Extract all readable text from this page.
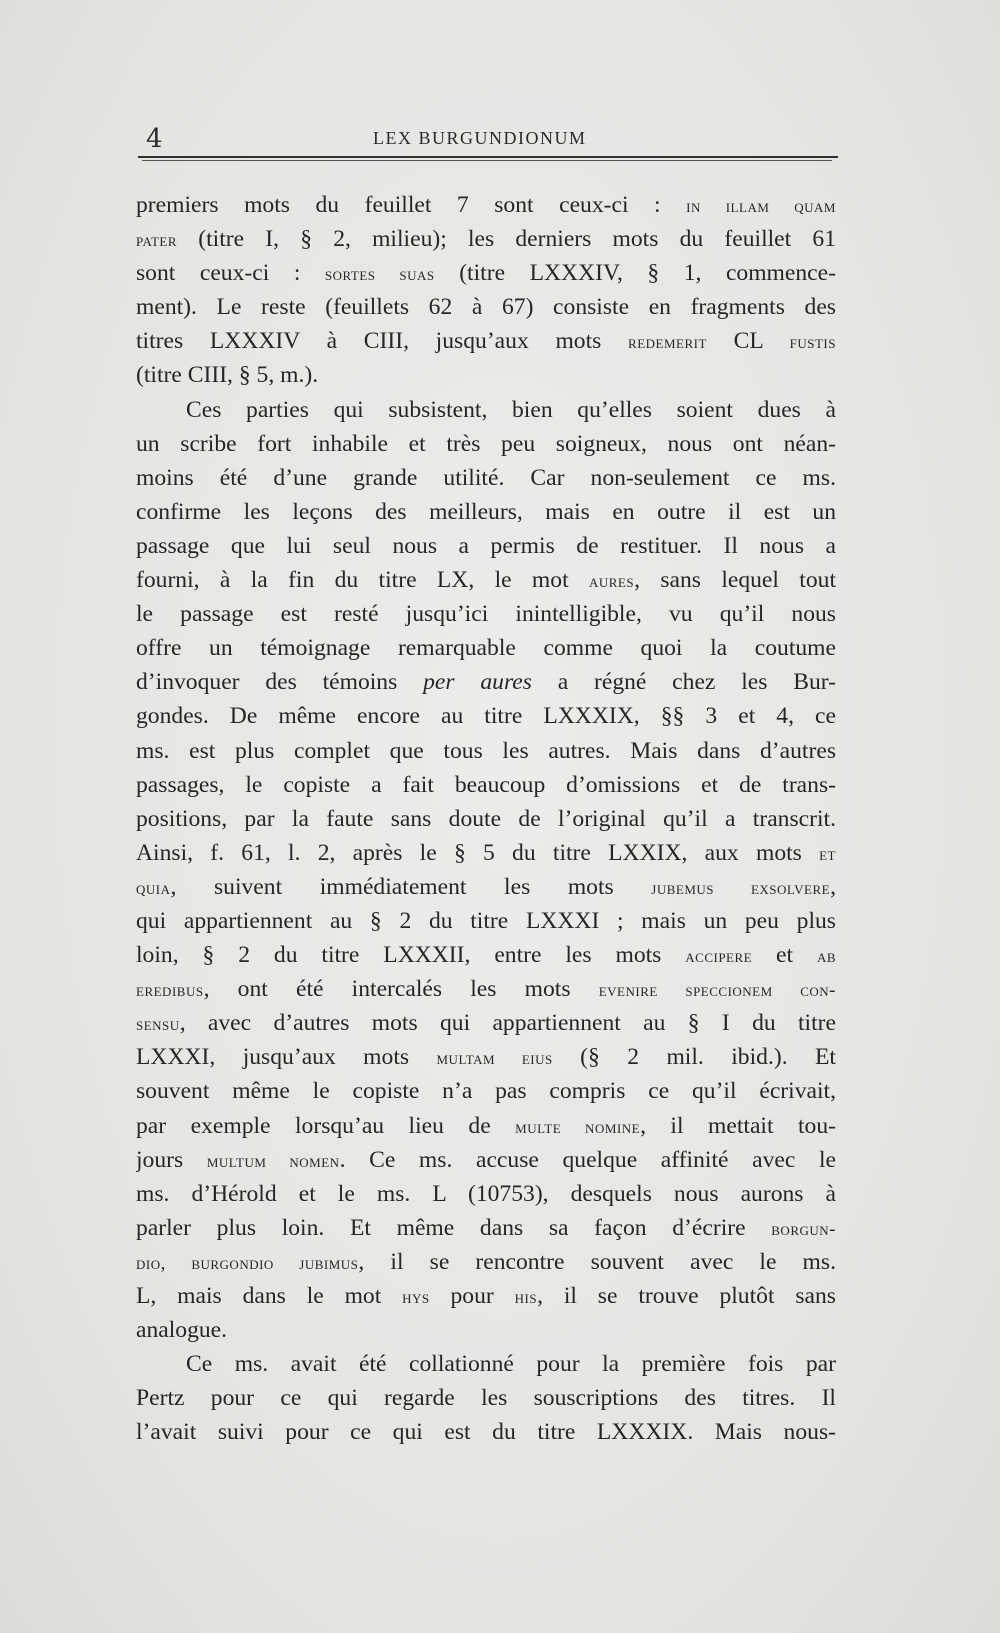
4	LEX BURGUNDIONUM
premiers mots du feuillet 7 sont ceux-ci : in illam quam
pater (titre I, § 2, milieu); les derniers mots du feuillet 61
sont ceux-ci : sortes suas (titre LXXXIV, § 1, commence-
ment). Le reste (feuillets 62 à 67) consiste en fragments des
titres LXXXIV à CIII, jusqu’aux mots redemerit CL fustis
(titre CIII, § 5, m.).
Ces parties qui subsistent, bien qu’elles soient dues à
un scribe fort inhabile et très peu soigneux, nous ont néan-
moins été d’une grande utilité. Car non-seulement ce ms.
confirme les leçons des meilleurs, mais en outre il est un
passage que lui seul nous a permis de restituer. Il nous a
fourni, à la fin du titre LX, le mot aures, sans lequel tout
le passage est resté jusqu’ici inintelligible, vu qu’il nous
offre un témoignage remarquable comme quoi la coutume
d’invoquer des témoins per aures a régné chez les Bur-
gondes. De même encore au titre LXXXIX, §§ 3 et 4, ce
ms. est plus complet que tous les autres. Mais dans d’autres
passages, le copiste a fait beaucoup d’omissions et de trans-
positions, par la faute sans doute de l’original qu’il a transcrit.
Ainsi, f. 61, l. 2, après le § 5 du titre LXXIX, aux mots et
quia, suivent immédiatement les mots jubemus exsolvere,
qui appartiennent au § 2 du titre LXXXI ; mais un peu plus
loin, § 2 du titre LXXXII, entre les mots accipere et ab
eredibus, ont été intercalés les mots evenire speccionem con-
sensu, avec d’autres mots qui appartiennent au § I du titre
LXXXI, jusqu’aux mots multam eius (§ 2 mil. ibid.). Et
souvent même le copiste n’a pas compris ce qu’il écrivait,
par exemple lorsqu’au lieu de multe nomine, il mettait tou-
jours multum nomen. Ce ms. accuse quelque affinité avec le
ms. d’Hérold et le ms. L (10753), desquels nous aurons à
parler plus loin. Et même dans sa façon d’écrire borgun-
dio, burgondio jubimus, il se rencontre souvent avec le ms.
L, mais dans le mot hys pour his, il se trouve plutôt sans
analogue.
Ce ms. avait été collationné pour la première fois par
Pertz pour ce qui regarde les souscriptions des titres. Il
l’avait suivi pour ce qui est du titre LXXXIX. Mais nous-
